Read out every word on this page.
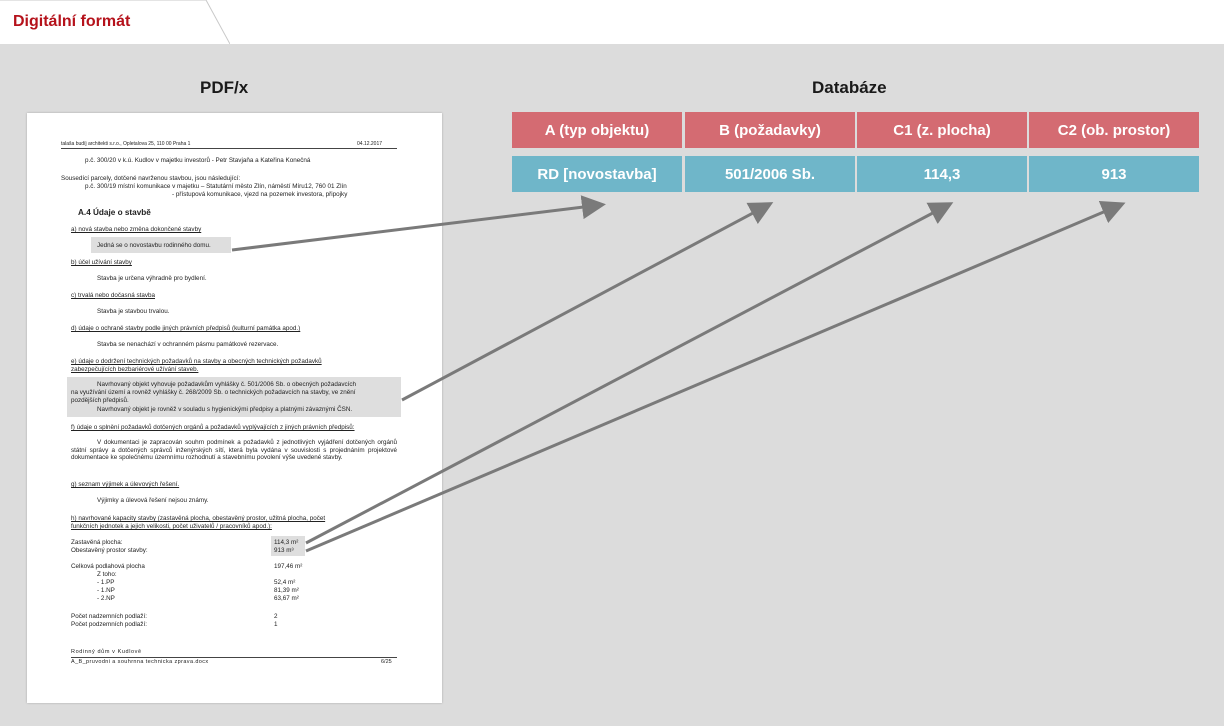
Digitální formát
PDF/x	Databáze
talaša budíj architekti s.r.o., Opletalova 25, 110 00 Praha 1	04.12.2017
p.č. 300/20 v k.ú. Kudlov v majetku investorů - Petr Stavjaňa a Kateřina Konečná
Sousedící parcely, dotčené navrženou stavbou, jsou následující:
p.č. 300/19 místní komunikace v majetku – Statutární město Zlín, náměstí Míru12, 760 01 Zlín
- přístupová komunikace, vjezd na pozemek investora, připojky
A.4 Údaje o stavbě
a) nová stavba nebo změna dokončené stavby
Jedná se o novostavbu rodinného domu.
b) účel užívání stavby
Stavba je určena výhradně pro bydlení.
c) trvalá nebo dočasná stavba
Stavba je stavbou trvalou.
d) údaje o ochraně stavby podle jiných právních předpisů (kulturní památka apod.)
Stavba se nenachází v ochranném pásmu památkové rezervace.
e) údaje o dodržení technických požadavků na stavby a obecných technických požadavků
zabezpečujících bezbariérové užívání staveb.
Navrhovaný objekt vyhovuje požadavkům vyhlášky č. 501/2006 Sb. o obecných požadavcích
na využívání území a rovněž vyhlášky č. 268/2009 Sb. o technických požadavcích na stavby, ve znění
pozdějších předpisů.
Navrhovaný objekt je rovněž v souladu s hygienickými předpisy a platnými závaznými ČSN.
f) údaje o splnění požadavků dotčených orgánů a požadavků vyplývajících z jiných právních předpisů:
V dokumentaci je zapracován souhrn podmínek a požadavků z jednotlivých vyjádření dotčených orgánů státní správy a dotčených správců inženýrských sítí, která byla vydána v souvislosti s projednáním projektové dokumentace ke společnému územnímu rozhodnutí a stavebnímu povolení výše uvedené stavby.
g) seznam výjimek a úlevových řešení.
Výjimky a úlevová řešení nejsou známy.
h) navrhované kapacity stavby (zastavěná plocha, obestavěný prostor, užitná plocha, počet
funkčních jednotek a jejich velikosti, počet uživatelů / pracovníků apod.):
Zastavěná plocha:	114,3 m²
Obestavěný prostor stavby:	913 m³
Celková podlahová plocha	197,46 m²
Z toho:
- 1.PP	52,4 m²
- 1.NP	81,39 m²
- 2.NP	63,67 m²
Počet nadzemních podlaží:	2
Počet podzemních podlaží:	1
Rodinný dům v Kudlově
A_B_pruvodni a souhrnna technicka zprava.docx	6/25
A (typ objektu)	B (požadavky)	C1 (z. plocha)	C2 (ob. prostor)
RD [novostavba]	501/2006 Sb.	114,3	913
